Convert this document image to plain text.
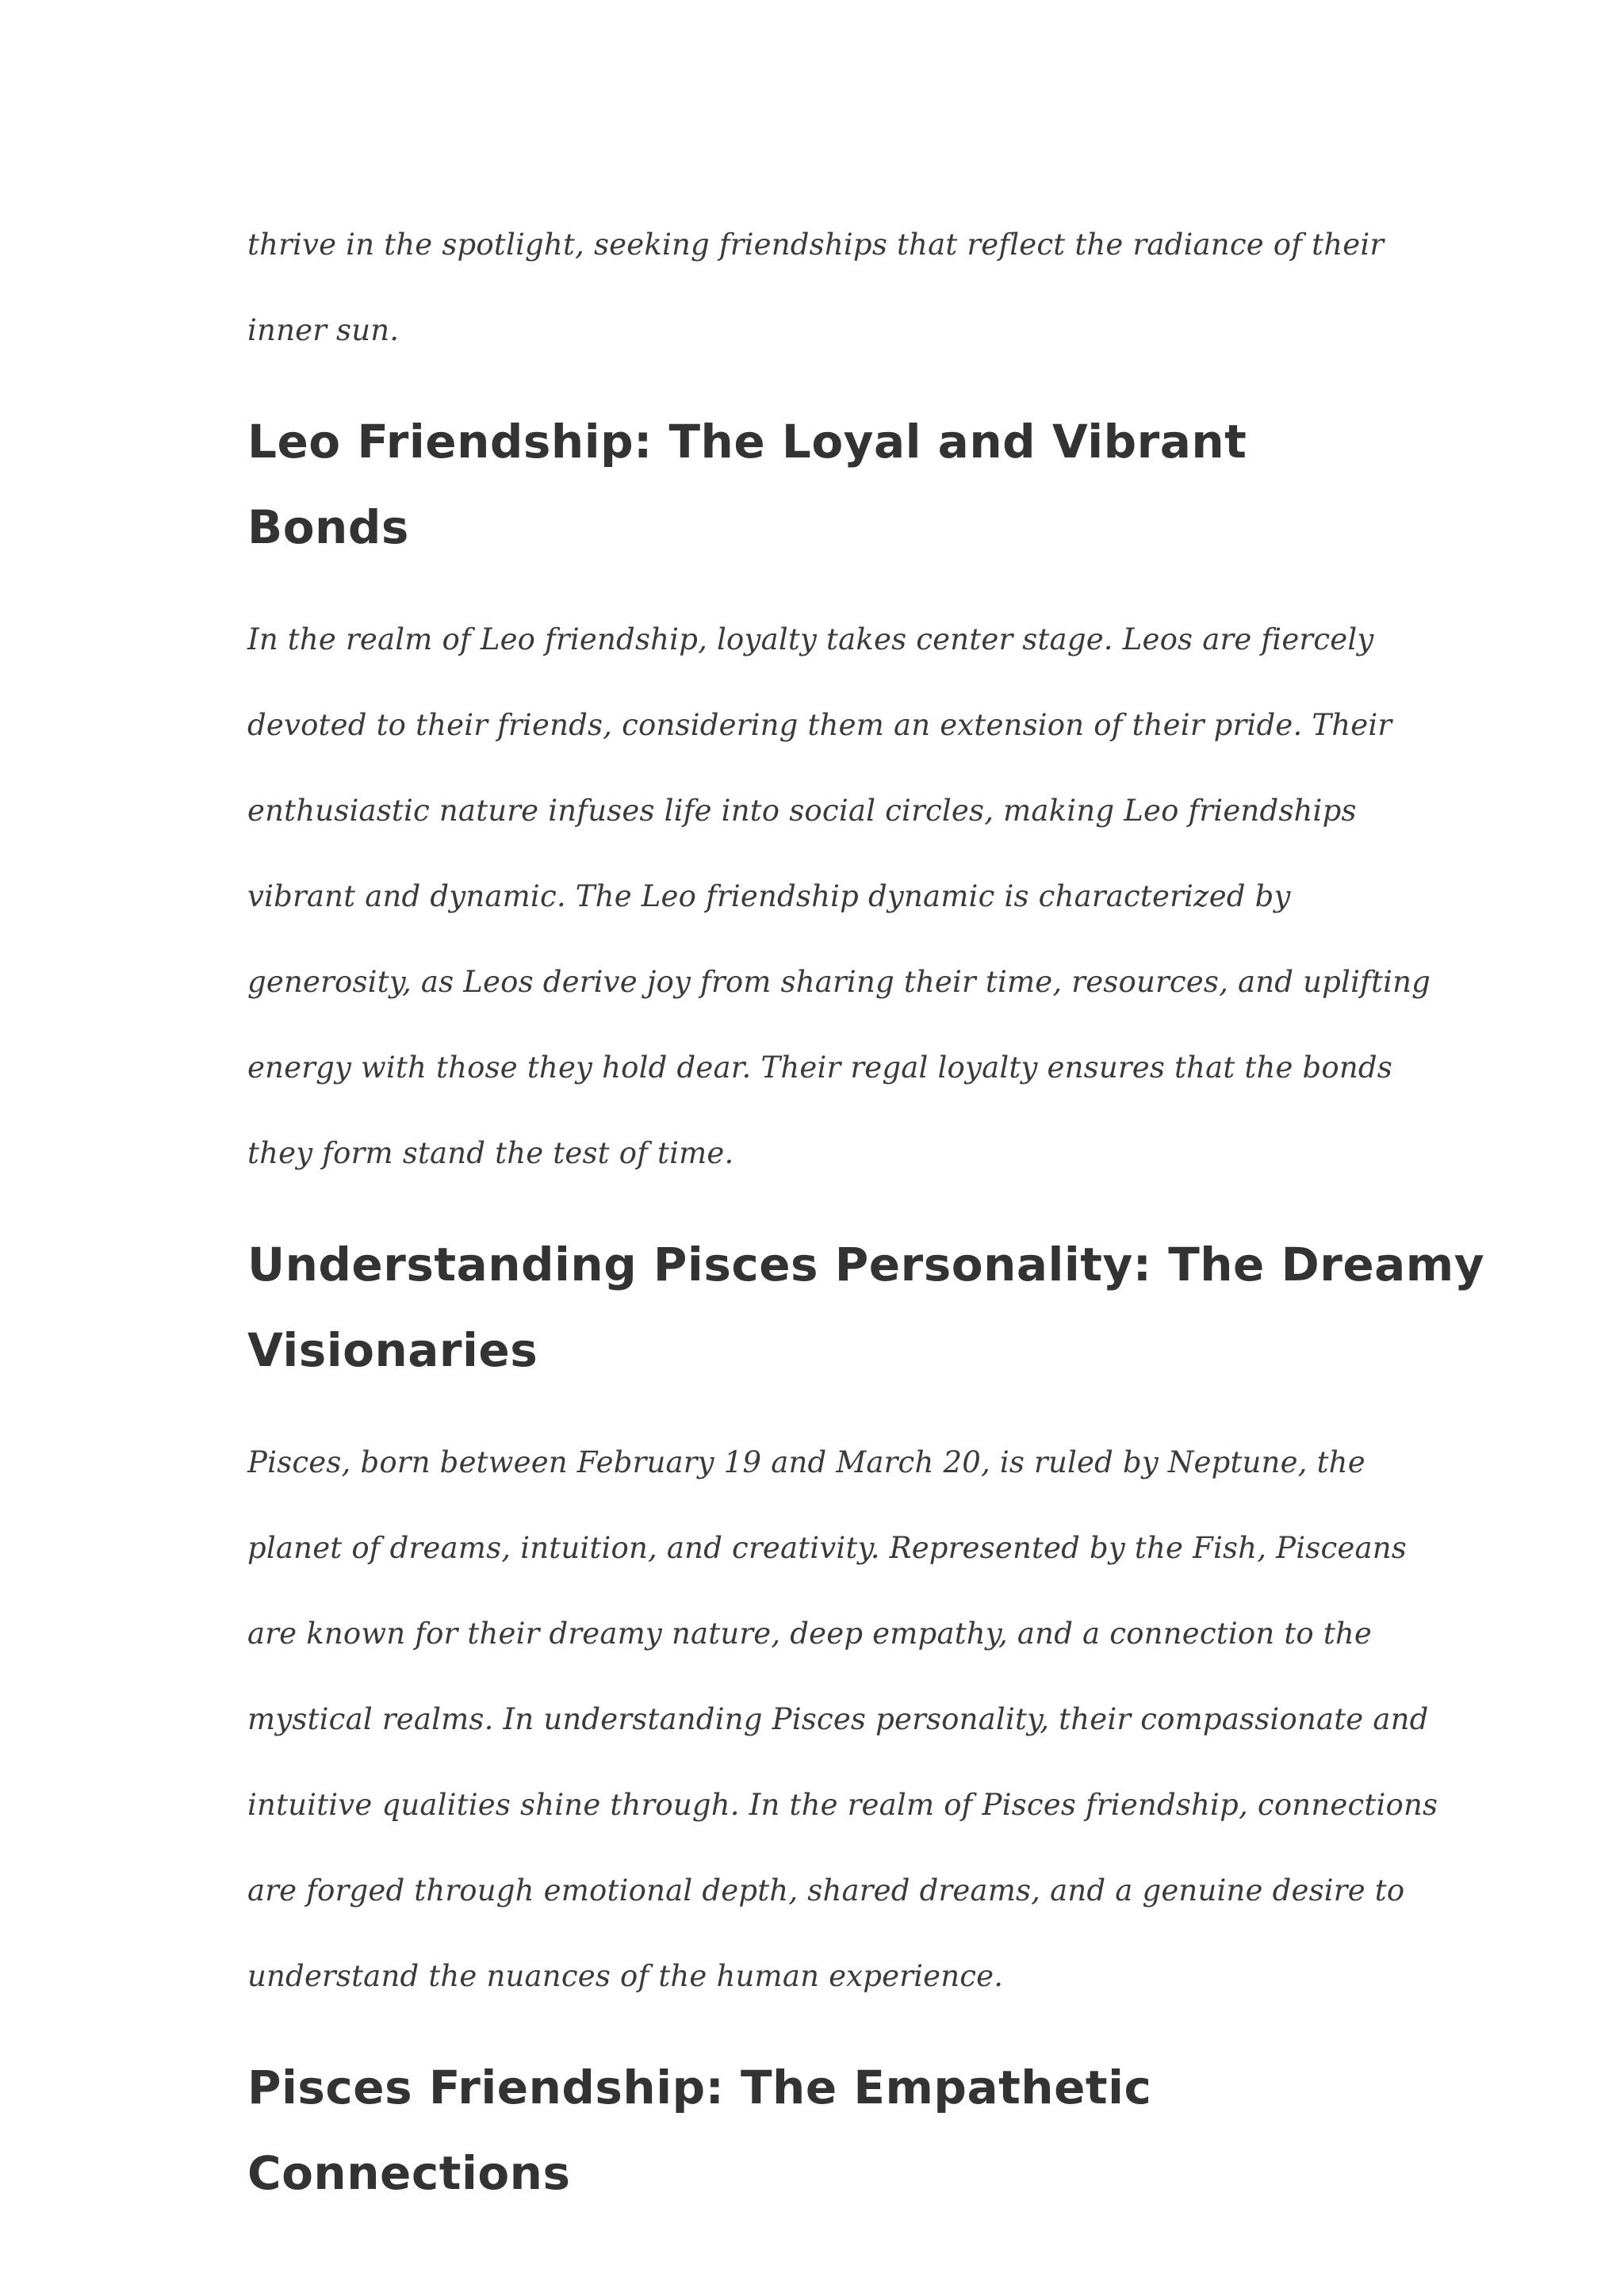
thrive in the spotlight, seeking friendships that reflect the radiance of their
inner sun.

Leo Friendship: The Loyal and Vibrant Bonds

In the realm of Leo friendship, loyalty takes center stage. Leos are fiercely
devoted to their friends, considering them an extension of their pride. Their
enthusiastic nature infuses life into social circles, making Leo friendships
vibrant and dynamic. The Leo friendship dynamic is characterized by
generosity, as Leos derive joy from sharing their time, resources, and uplifting
energy with those they hold dear. Their regal loyalty ensures that the bonds
they form stand the test of time.

Understanding Pisces Personality: The Dreamy
Visionaries

Pisces, born between February 19 and March 20, is ruled by Neptune, the
planet of dreams, intuition, and creativity. Represented by the Fish, Pisceans
are known for their dreamy nature, deep empathy, and a connection to the
mystical realms. In understanding Pisces personality, their compassionate and
intuitive qualities shine through. In the realm of Pisces friendship, connections
are forged through emotional depth, shared dreams, and a genuine desire to
understand the nuances of the human experience.

Pisces Friendship: The Empathetic Connections
